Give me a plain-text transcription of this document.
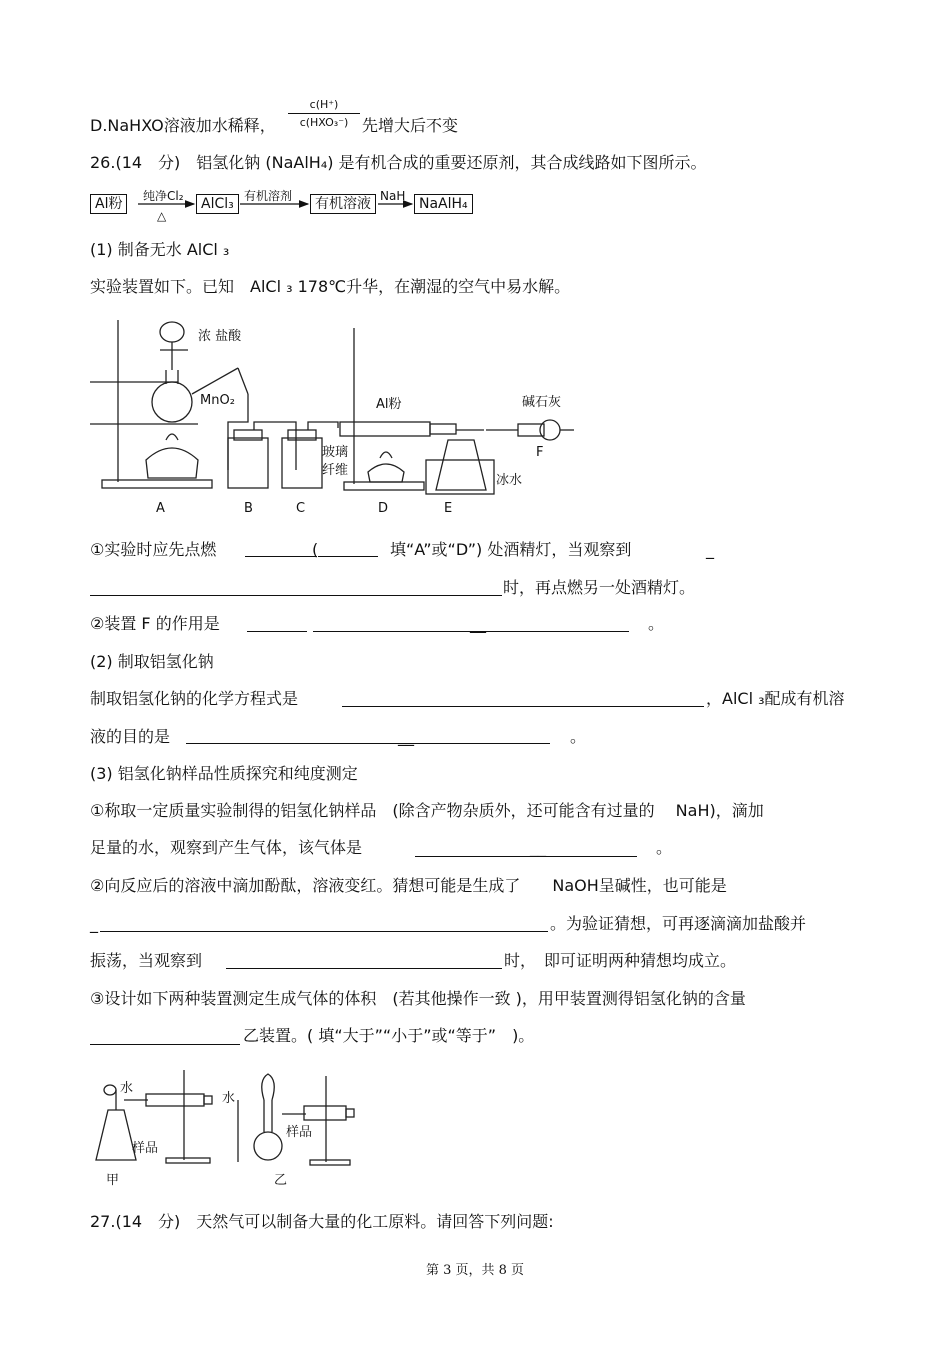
D.NaHXO溶液加水稀释，
c(H⁺)
c(HXO₃⁻) 先增大后不变
26.(14　分)　铝氢化钠 (NaAlH₄) 是有机合成的重要还原剂，其合成线路如下图所示。
Al粉	纯净Cl₂
△
AlCl₃ 有机溶剂	有机溶液 NaH NaAlH₄
(1) 制备无水 AlCl ₃
实验装置如下。已知　AlCl ₃ 178℃升华，在潮湿的空气中易水解。
浓 盐酸
MnO₂	Al粉
玻璃
纤维
碱石灰
冰水
A	B	C	D	E
F
①实验时应先点燃	(	填“A”或“D”) 处酒精灯，当观察到	_
时，再点燃另一处酒精灯。
②装置 F 的作用是	__	。
(2) 制取铝氢化钠
制取铝氢化钠的化学方程式是	，AlCl ₃配成有机溶
液的目的是	__	。
(3) 铝氢化钠样品性质探究和纯度测定
①称取一定质量实验制得的铝氢化钠样品　(除含产物杂质外，还可能含有过量的　 NaH)，滴加
足量的水，观察到产生气体，该气体是	__	。
②向反应后的溶液中滴加酚酞，溶液变红。猜想可能是生成了　　NaOH呈碱性，也可能是
_	。为验证猜想，可再逐滴滴加盐酸并
振荡，当观察到	时，　即可证明两种猜想均成立。
③设计如下两种装置测定生成气体的体积　(若其他操作一致 )，用甲装置测得铝氢化钠的含量
乙装置。( 填“大于”“小于”或“等于”　)。
水
样品
甲
水
样品
乙
27.(14　分)　天然气可以制备大量的化工原料。请回答下列问题:
第 3 页，共 8 页
